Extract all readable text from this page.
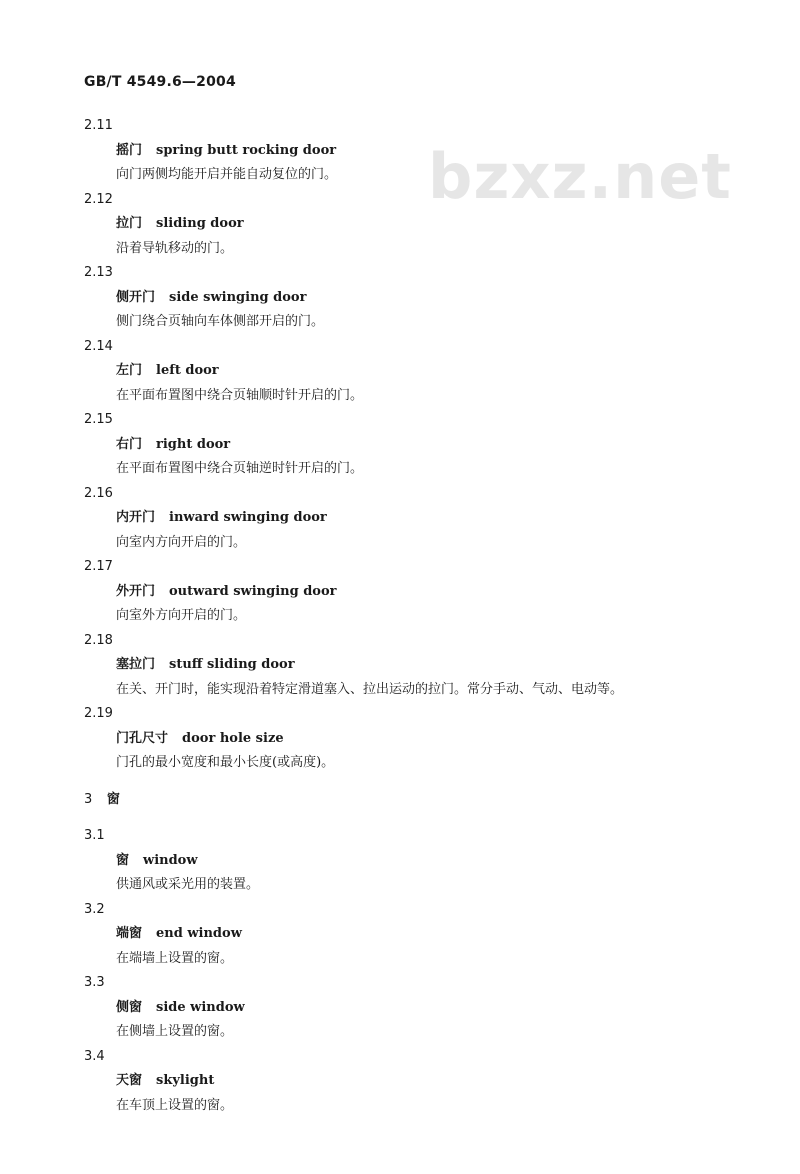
GB/T 4549.6—2004
bzxz.net
2.11
摇门 spring butt rocking door
向门两侧均能开启并能自动复位的门。
2.12
拉门 sliding door
沿着导轨移动的门。
2.13
侧开门 side swinging door
侧门绕合页轴向车体侧部开启的门。
2.14
左门 left door
在平面布置图中绕合页轴顺时针开启的门。
2.15
右门 right door
在平面布置图中绕合页轴逆时针开启的门。
2.16
内开门 inward swinging door
向室内方向开启的门。
2.17
外开门 outward swinging door
向室外方向开启的门。
2.18
塞拉门 stuff sliding door
在关、开门时，能实现沿着特定滑道塞入、拉出运动的拉门。常分手动、气动、电动等。
2.19
门孔尺寸 door hole size
门孔的最小宽度和最小长度(或高度)。
3 窗
3.1
窗 window
供通风或采光用的装置。
3.2
端窗 end window
在端墙上设置的窗。
3.3
侧窗 side window
在侧墙上设置的窗。
3.4
天窗 skylight
在车顶上设置的窗。
